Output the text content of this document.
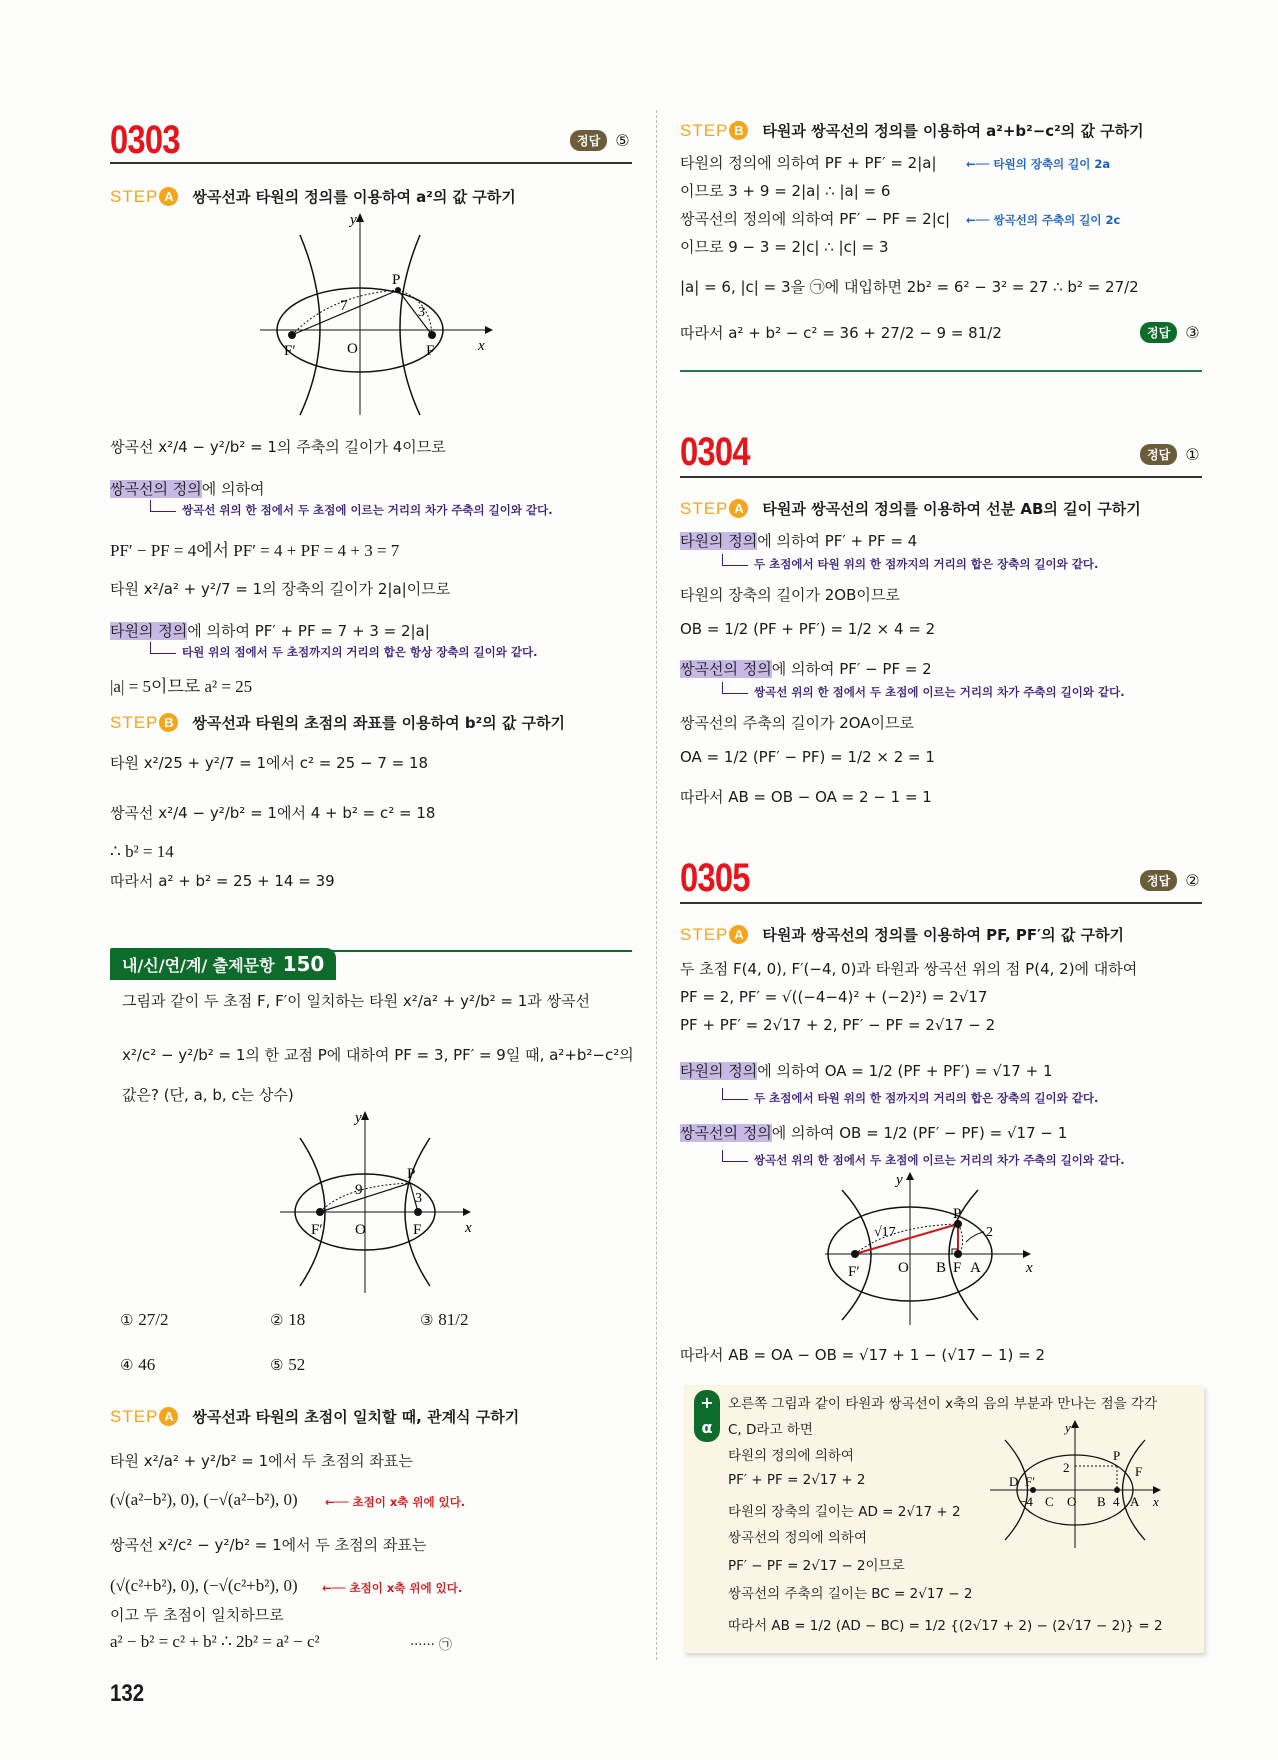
0303	정답 ⑤
STEP A	쌍곡선과 타원의 정의를 이용하여 a²의 값 구하기
y
x
O
F′	F
P
7	3
쌍곡선 x²/4 − y²/b² = 1의 주축의 길이가 4이므로
쌍곡선의 정의에 의하여
쌍곡선 위의 한 점에서 두 초점에 이르는 거리의 차가 주축의 길이와 같다.
PF′ − PF = 4에서 PF′ = 4 + PF = 4 + 3 = 7
타원 x²/a² + y²/7 = 1의 장축의 길이가 2|a|이므로
타원의 정의에 의하여 PF′ + PF = 7 + 3 = 2|a|
타원 위의 점에서 두 초점까지의 거리의 합은 항상 장축의 길이와 같다.
|a| = 5이므로 a² = 25
STEP B	쌍곡선과 타원의 초점의 좌표를 이용하여 b²의 값 구하기
타원 x²/25 + y²/7 = 1에서 c² = 25 − 7 = 18
쌍곡선 x²/4 − y²/b² = 1에서 4 + b² = c² = 18
∴ b² = 14
따라서 a² + b² = 25 + 14 = 39
내/신/연/계/ 출제문항 150
그림과 같이 두 초점 F, F′이 일치하는 타원 x²/a² + y²/b² = 1과 쌍곡선
x²/c² − y²/b² = 1의 한 교점 P에 대하여 PF = 3, PF′ = 9일 때, a²+b²−c²의
값은? (단, a, b, c는 상수)
y
x
O
F′	F
P
9
3
① 27/2	② 18	③ 81/2
④ 46	⑤ 52
STEP A	쌍곡선과 타원의 초점이 일치할 때, 관계식 구하기
타원 x²/a² + y²/b² = 1에서 두 초점의 좌표는
(√(a²−b²), 0), (−√(a²−b²), 0) ←── 초점이 x축 위에 있다.
쌍곡선 x²/c² − y²/b² = 1에서 두 초점의 좌표는
(√(c²+b²), 0), (−√(c²+b²), 0) ←── 초점이 x축 위에 있다.
이고 두 초점이 일치하므로
a² − b² = c² + b² ∴ 2b² = a² − c²	······ ㉠
132
STEP B	타원과 쌍곡선의 정의를 이용하여 a²+b²−c²의 값 구하기
타원의 정의에 의하여 PF + PF′ = 2|a|	←── 타원의 장축의 길이 2a
이므로 3 + 9 = 2|a| ∴ |a| = 6
쌍곡선의 정의에 의하여 PF′ − PF = 2|c| ←── 쌍곡선의 주축의 길이 2c
이므로 9 − 3 = 2|c| ∴ |c| = 3
|a| = 6, |c| = 3을 ㉠에 대입하면 2b² = 6² − 3² = 27 ∴ b² = 27/2
따라서 a² + b² − c² = 36 + 27/2 − 9 = 81/2	정답 ③
0304	정답 ①
STEP A	타원과 쌍곡선의 정의를 이용하여 선분 AB의 길이 구하기
타원의 정의에 의하여 PF′ + PF = 4
두 초점에서 타원 위의 한 점까지의 거리의 합은 장축의 길이와 같다.
타원의 장축의 길이가 2OB이므로
OB = 1/2 (PF + PF′) = 1/2 × 4 = 2
쌍곡선의 정의에 의하여 PF′ − PF = 2
쌍곡선 위의 한 점에서 두 초점에 이르는 거리의 차가 주축의 길이와 같다.
쌍곡선의 주축의 길이가 2OA이므로
OA = 1/2 (PF′ − PF) = 1/2 × 2 = 1
따라서 AB = OB − OA = 2 − 1 = 1
0305	정답 ②
STEP A	타원과 쌍곡선의 정의를 이용하여 PF, PF′의 값 구하기
두 초점 F(4, 0), F′(−4, 0)과 타원과 쌍곡선 위의 점 P(4, 2)에 대하여
PF = 2, PF′ = √((−4−4)² + (−2)²) = 2√17
PF + PF′ = 2√17 + 2, PF′ − PF = 2√17 − 2
타원의 정의에 의하여 OA = 1/2 (PF + PF′) = √17 + 1
두 초점에서 타원 위의 한 점까지의 거리의 합은 장축의 길이와 같다.
쌍곡선의 정의에 의하여 OB = 1/2 (PF′ − PF) = √17 − 1
쌍곡선 위의 한 점에서 두 초점에 이르는 거리의 차가 주축의 길이와 같다.
y
x
O
F′	F
B A
P
√17	2
따라서 AB = OA − OB = √17 + 1 − (√17 − 1) = 2
+
α
오른쪽 그림과 같이 타원과 쌍곡선이 x축의 음의 부분과 만나는 점을 각각
C, D라고 하면
타원의 정의에 의하여
PF′ + PF = 2√17 + 2
타원의 장축의 길이는 AD = 2√17 + 2
쌍곡선의 정의에 의하여
PF′ − PF = 2√17 − 2이므로
쌍곡선의 주축의 길이는 BC = 2√17 − 2
따라서 AB = 1/2 (AD − BC) = 1/2 {(2√17 + 2) − (2√17 − 2)} = 2
y
x
O
P
2	F
F′
D
C	B A
−4	4
